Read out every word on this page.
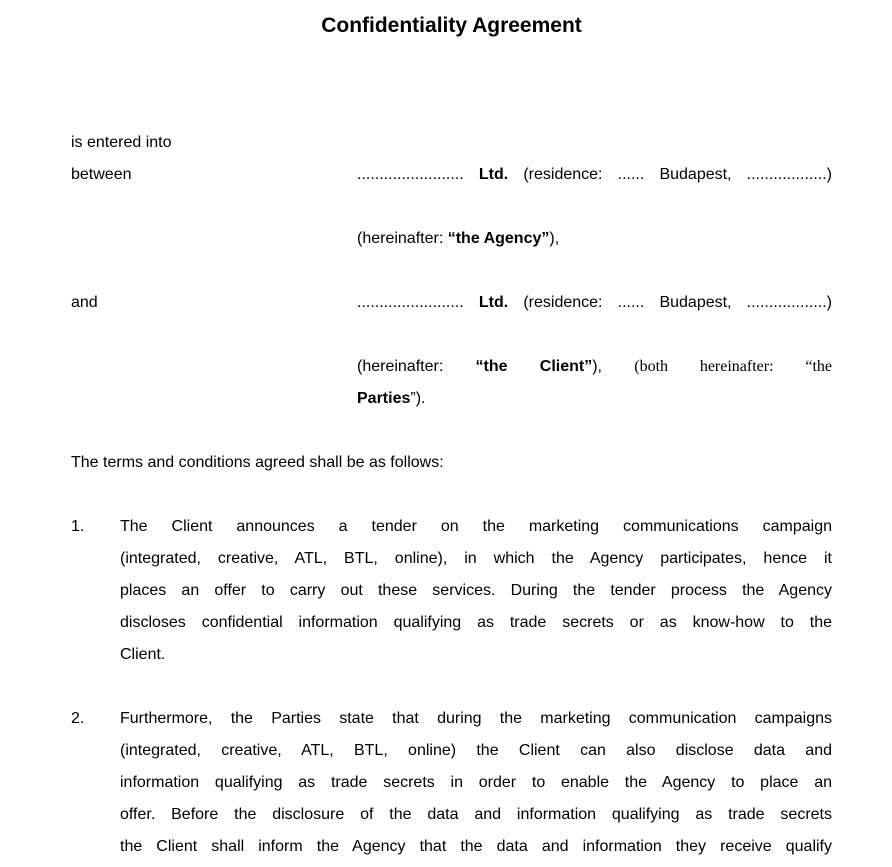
Confidentiality Agreement
is entered into
between	........................ Ltd. (residence: ...... Budapest, ..................)
(hereinafter: “the Agency”),
and	........................ Ltd. (residence: ...... Budapest, ..................)
(hereinafter: “the Client”), (both hereinafter: “the
Parties”).
The terms and conditions agreed shall be as follows:
1.	The Client announces a tender on the marketing communications campaign
(integrated, creative, ATL, BTL, online), in which the Agency participates, hence it
places an offer to carry out these services. During the tender process the Agency
discloses confidential information qualifying as trade secrets or as know-how to the
Client.
2.	Furthermore, the Parties state that during the marketing communication campaigns
(integrated, creative, ATL, BTL, online) the Client can also disclose data and
information qualifying as trade secrets in order to enable the Agency to place an
offer. Before the disclosure of the data and information qualifying as trade secrets
the Client shall inform the Agency that the data and information they receive qualify
